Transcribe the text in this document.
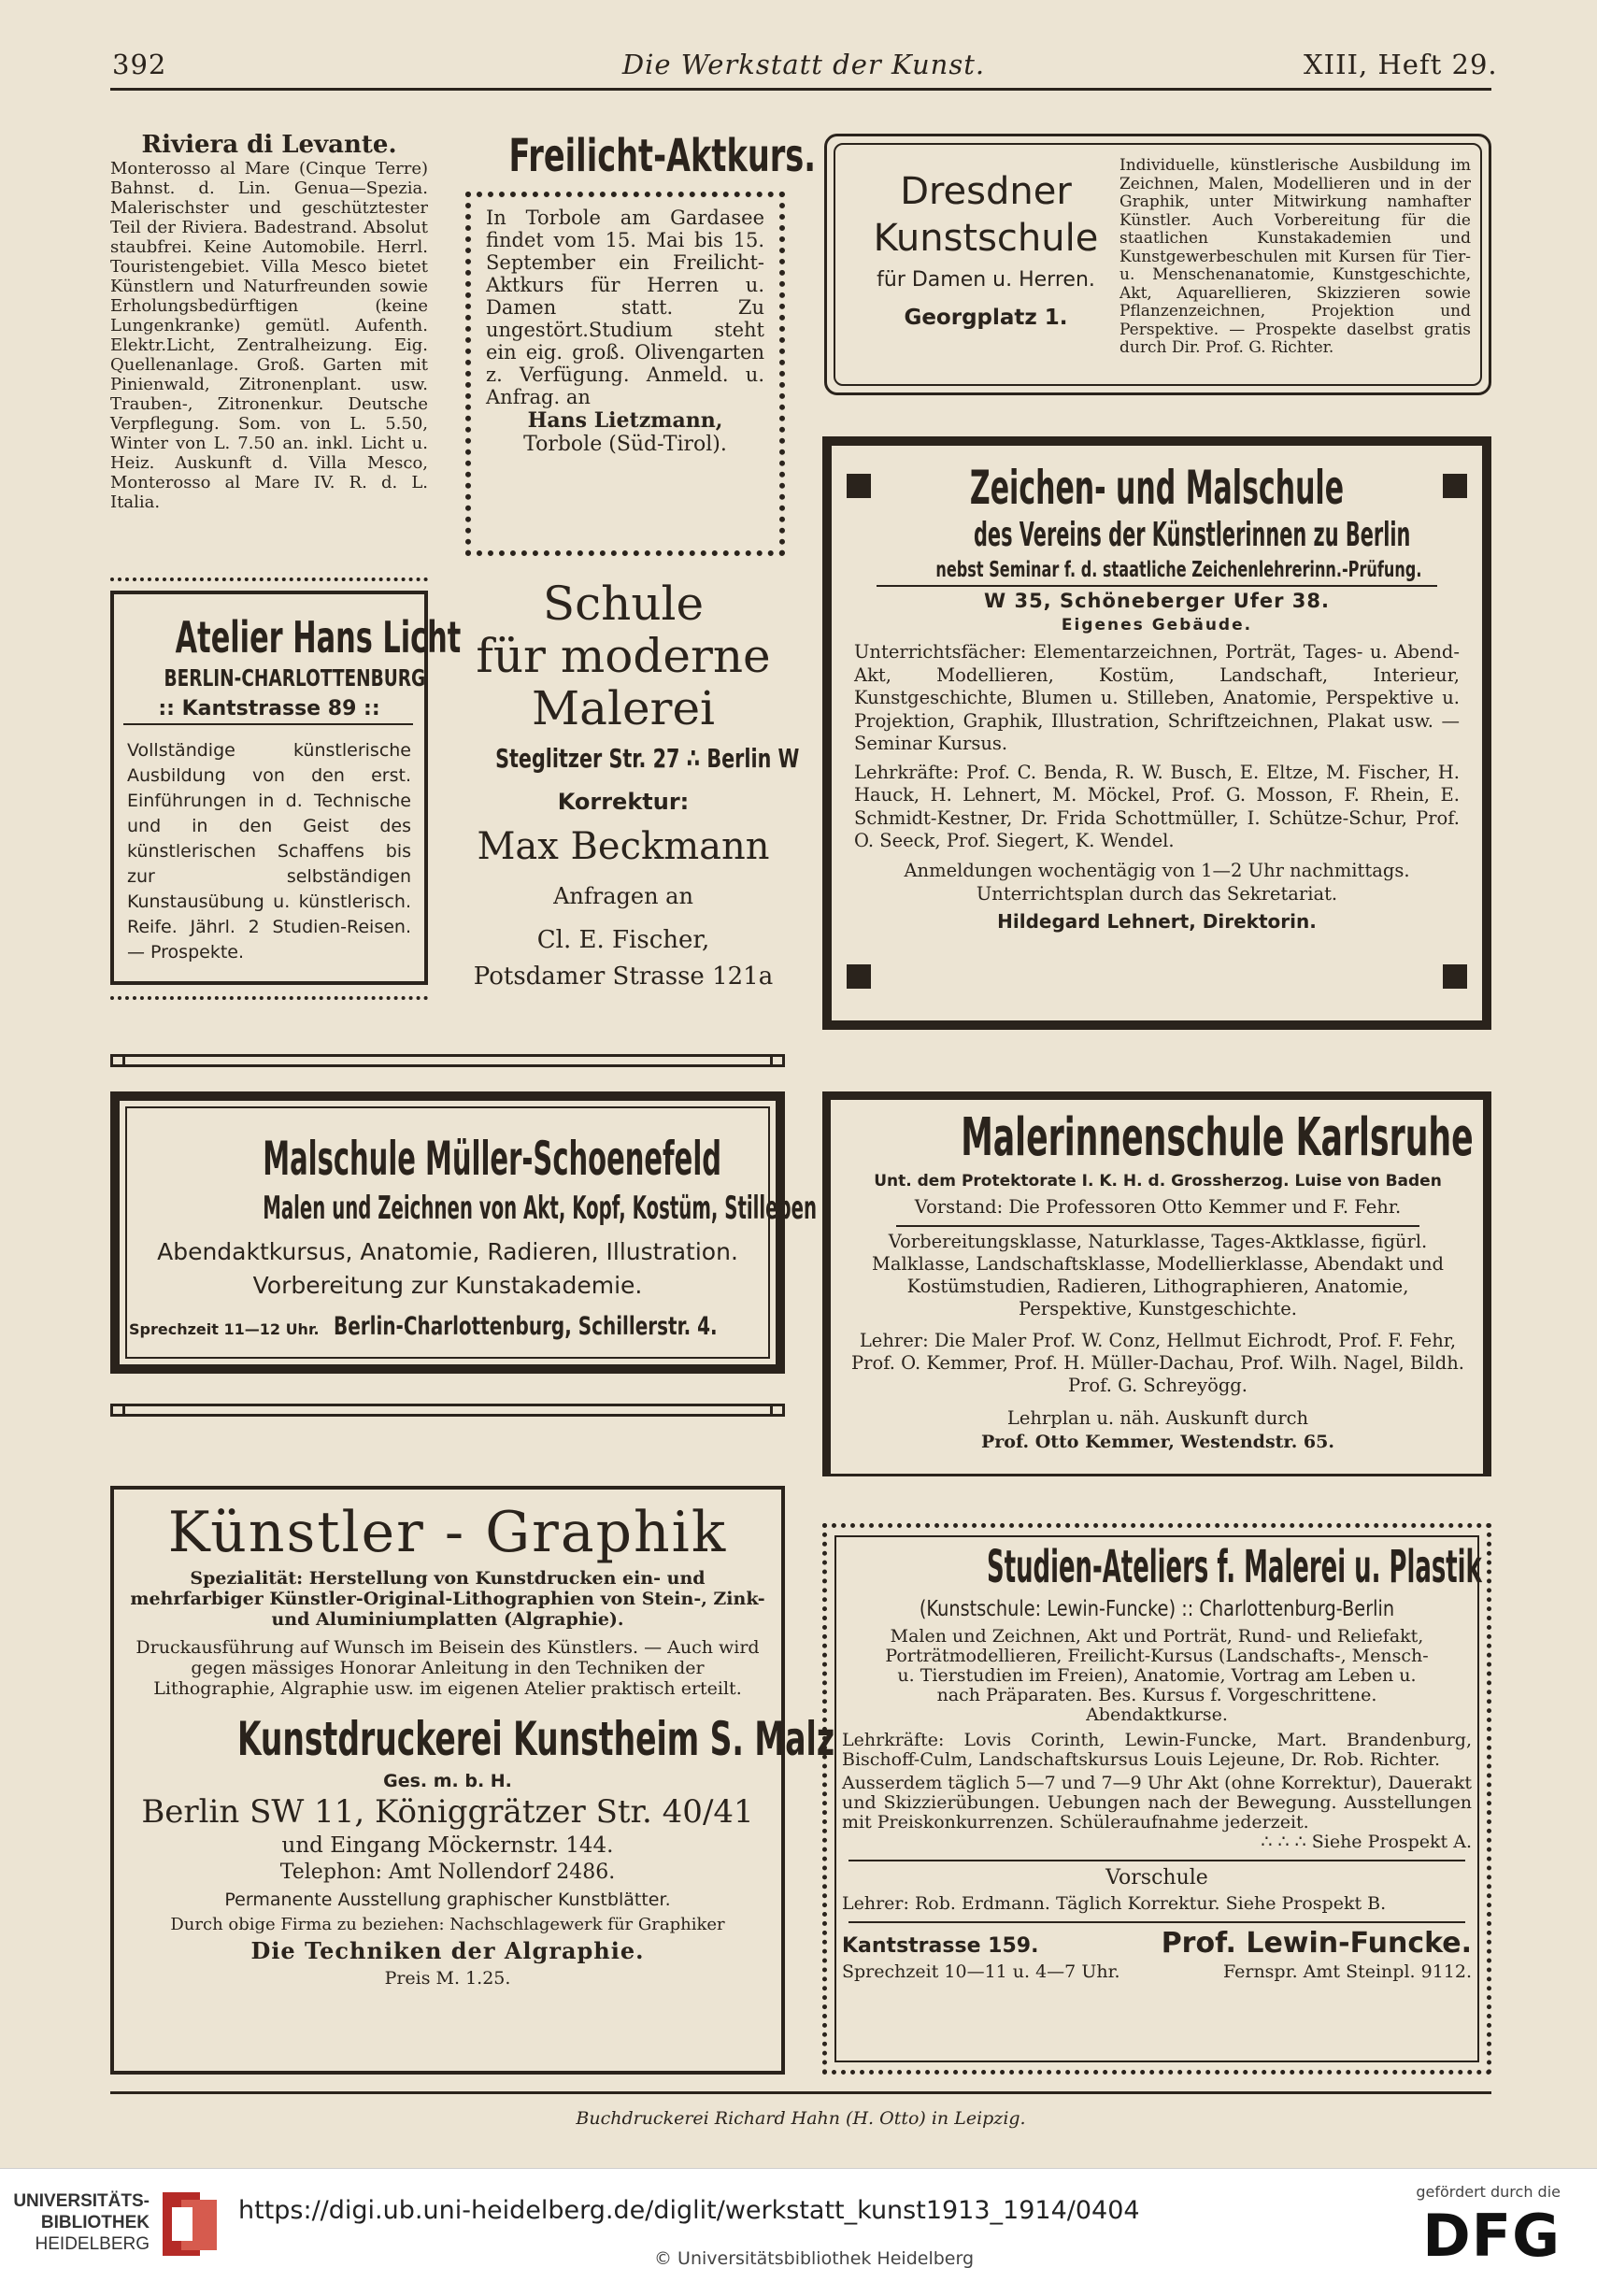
392	Die Werkstatt der Kunst.	XIII, Heft 29.
Riviera di Levante.
Monterosso al Mare (Cinque Terre) Bahnst. d. Lin. Genua—Spezia. Malerischster und geschütztester Teil der Riviera. Badestrand. Absolut staubfrei. Keine Automobile. Herrl. Touristengebiet. Villa Mesco bietet Künstlern und Naturfreunden sowie Erholungsbedürftigen (keine Lungenkranke) gemütl. Aufenth. Elektr.Licht, Zentralheizung. Eig. Quellenanlage. Groß. Garten mit Pinienwald, Zitronenplant. usw. Trauben-, Zitronenkur. Deutsche Verpflegung. Som. von L. 5.50, Winter von L. 7.50 an. inkl. Licht u. Heiz. Auskunft d. Villa Mesco, Monterosso al Mare IV. R. d. L. Italia.
Freilicht-Aktkurs.
In Torbole am Gardasee findet vom 15. Mai bis 15. September ein Freilicht-Aktkurs für Herren u. Damen statt. Zu ungestört.Studium steht ein eig. groß. Olivengarten z. Verfügung. Anmeld. u. Anfrag. an
Hans Lietzmann,
Torbole (Süd-Tirol).
Dresdner
Kunstschule
für Damen u. Herren.
Georgplatz 1.
Individuelle, künstlerische Ausbildung im Zeichnen, Malen, Modellieren und in der Graphik, unter Mitwirkung namhafter Künstler. Auch Vorbereitung für die staatlichen Kunstakademien und Kunstgewerbeschulen mit Kursen für Tier- u. Menschenanatomie, Kunstgeschichte, Akt, Aquarellieren, Skizzieren sowie Pflanzenzeichnen, Projektion und Perspektive. — Prospekte daselbst gratis durch Dir. Prof. G. Richter.
Atelier Hans Licht
BERLIN-CHARLOTTENBURG
:: Kantstrasse 89 ::
Vollständige künstlerische Ausbildung von den erst. Einführungen in d. Technische und in den Geist des künstlerischen Schaffens bis zur selbständigen Kunstausübung u. künstlerisch. Reife. Jährl. 2 Studien-Reisen. — Prospekte.
Schule
für moderne
Malerei
Steglitzer Str. 27 ∴ Berlin W
Korrektur:
Max Beckmann
Anfragen an
Cl. E. Fischer,
Potsdamer Strasse 121a
Zeichen- und Malschule
des Vereins der Künstlerinnen zu Berlin
nebst Seminar f. d. staatliche Zeichenlehrerinn.-Prüfung.
W 35, Schöneberger Ufer 38.
Eigenes Gebäude.
Unterrichtsfächer: Elementarzeichnen, Porträt, Tages- u. Abend-Akt, Modellieren, Kostüm, Landschaft, Interieur, Kunstgeschichte, Blumen u. Stilleben, Anatomie, Perspektive u. Projektion, Graphik, Illustration, Schriftzeichnen, Plakat usw. — Seminar Kursus.
Lehrkräfte: Prof. C. Benda, R. W. Busch, E. Eltze, M. Fischer, H. Hauck, H. Lehnert, M. Möckel, Prof. G. Mosson, F. Rhein, E. Schmidt-Kestner, Dr. Frida Schottmüller, I. Schütze-Schur, Prof. O. Seeck, Prof. Siegert, K. Wendel.
Anmeldungen wochentägig von 1—2 Uhr nachmittags.
Unterrichtsplan durch das Sekretariat.
Hildegard Lehnert, Direktorin.
Malschule Müller-Schoenefeld
Malen und Zeichnen von Akt, Kopf, Kostüm, Stilleben
Abendaktkursus, Anatomie, Radieren, Illustration. Vorbereitung zur Kunstakademie.
Sprechzeit 11—12 Uhr. Berlin-Charlottenburg, Schillerstr. 4.
Malerinnenschule Karlsruhe
Unt. dem Protektorate I. K. H. d. Grossherzog. Luise von Baden
Vorstand: Die Professoren Otto Kemmer und F. Fehr.
Vorbereitungsklasse, Naturklasse, Tages-Aktklasse, figürl. Malklasse, Landschaftsklasse, Modellierklasse, Abendakt und Kostümstudien, Radieren, Lithographieren, Anatomie, Perspektive, Kunstgeschichte.
Lehrer: Die Maler Prof. W. Conz, Hellmut Eichrodt, Prof. F. Fehr, Prof. O. Kemmer, Prof. H. Müller-Dachau, Prof. Wilh. Nagel, Bildh. Prof. G. Schreyögg.
Lehrplan u. näh. Auskunft durch
Prof. Otto Kemmer, Westendstr. 65.
Künstler - Graphik
Spezialität: Herstellung von Kunstdrucken ein- und mehrfarbiger Künstler-Original-Lithographien von Stein-, Zink- und Aluminiumplatten (Algraphie).
Druckausführung auf Wunsch im Beisein des Künstlers. — Auch wird gegen mässiges Honorar Anleitung in den Techniken der Lithographie, Algraphie usw. im eigenen Atelier praktisch erteilt.
Kunstdruckerei Kunstheim S. Malz
Ges. m. b. H.
Berlin SW 11, Königgrätzer Str. 40/41
und Eingang Möckernstr. 144.
Telephon: Amt Nollendorf 2486.
Permanente Ausstellung graphischer Kunstblätter.
Durch obige Firma zu beziehen: Nachschlagewerk für Graphiker
Die Techniken der Algraphie.
Preis M. 1.25.
Studien-Ateliers f. Malerei u. Plastik
(Kunstschule: Lewin-Funcke) :: Charlottenburg-Berlin
Malen und Zeichnen, Akt und Porträt, Rund- und Reliefakt, Porträtmodellieren, Freilicht-Kursus (Landschafts-, Mensch- u. Tierstudien im Freien), Anatomie, Vortrag am Leben u. nach Präparaten. Bes. Kursus f. Vorgeschrittene. Abendaktkurse.
Lehrkräfte: Lovis Corinth, Lewin-Funcke, Mart. Brandenburg, Bischoff-Culm, Landschaftskursus Louis Lejeune, Dr. Rob. Richter.
Ausserdem täglich 5—7 und 7—9 Uhr Akt (ohne Korrektur), Dauerakt und Skizzierübungen. Uebungen nach der Bewegung. Ausstellungen mit Preiskonkurrenzen. Schüleraufnahme jederzeit.
∴ ∴ ∴ Siehe Prospekt A.
Vorschule
Lehrer: Rob. Erdmann. Täglich Korrektur. Siehe Prospekt B.
Kantstrasse 159.	Prof. Lewin-Funcke.
Sprechzeit 10—11 u. 4—7 Uhr.	Fernspr. Amt Steinpl. 9112.
Buchdruckerei Richard Hahn (H. Otto) in Leipzig.
UNIVERSITÄTS-
BIBLIOTHEK
HEIDELBERG
https://digi.ub.uni-heidelberg.de/diglit/werkstatt_kunst1913_1914/0404
© Universitätsbibliothek Heidelberg
gefördert durch die
DFG
